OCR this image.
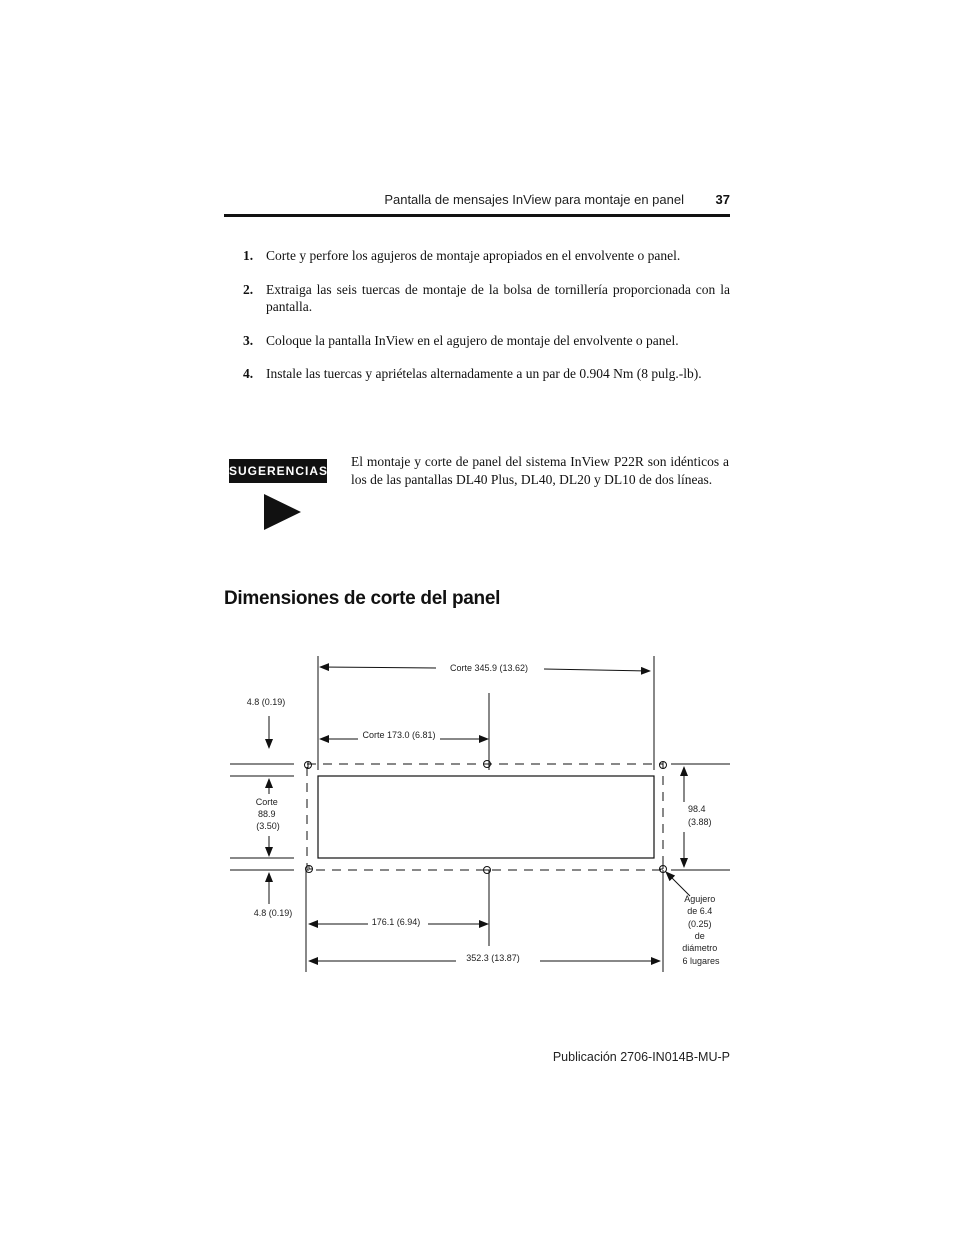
Pantalla de mensajes InView para montaje en panel 37
1. Corte y perfore los agujeros de montaje apropiados en el envolvente o panel.
2. Extraiga las seis tuercas de montaje de la bolsa de tornillería proporcionada con la pantalla.
3. Coloque la pantalla InView en el agujero de montaje del envolvente o panel.
4. Instale las tuercas y apriételas alternadamente a un par de 0.904 Nm (8 pulg.-lb).
SUGERENCIAS
El montaje y corte de panel del sistema InView P22R son idénticos a los de las pantallas DL40 Plus, DL40, DL20 y DL10 de dos líneas.
Dimensiones de corte del panel
Corte 345.9 (13.62)
Corte 173.0 (6.81)
4.8 (0.19)
Corte 88.9 (3.50)
4.8 (0.19)
98.4 (3.88)
176.1 (6.94)
352.3 (13.87)
Agujero de 6.4 (0.25) de diámetro 6 lugares
Publicación 2706-IN014B-MU-P
